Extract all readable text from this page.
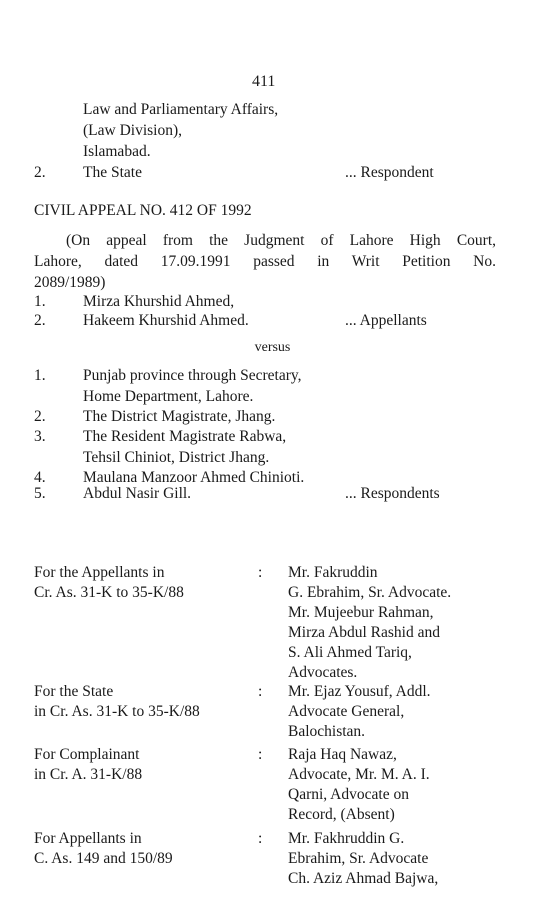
411
Law and Parliamentary Affairs,
(Law Division),
Islamabad.
2. The State	... Respondent
CIVIL APPEAL NO. 412 OF 1992
(On appeal from the Judgment of Lahore High Court,
Lahore, dated 17.09.1991 passed in Writ Petition No.
2089/1989)
1. Mirza Khurshid Ahmed,
2. Hakeem Khurshid Ahmed.	... Appellants
versus
1. Punjab province through Secretary,
Home Department, Lahore.
2. The District Magistrate, Jhang.
3. The Resident Magistrate Rabwa,
Tehsil Chiniot, District Jhang.
4. Maulana Manzoor Ahmed Chinioti.
5. Abdul Nasir Gill.	... Respondents
For the Appellants in
Cr. As. 31-K to 35-K/88
: Mr. Fakruddin
G. Ebrahim, Sr. Advocate.
Mr. Mujeebur Rahman,
Mirza Abdul Rashid and
S. Ali Ahmed Tariq,
Advocates.
For the State
in Cr. As. 31-K to 35-K/88
: Mr. Ejaz Yousuf, Addl.
Advocate General,
Balochistan.
For Complainant
in Cr. A. 31-K/88
: Raja Haq Nawaz,
Advocate, Mr. M. A. I.
Qarni, Advocate on
Record, (Absent)
For Appellants in
C. As. 149 and 150/89
: Mr. Fakhruddin G.
Ebrahim, Sr. Advocate
Ch. Aziz Ahmad Bajwa,
